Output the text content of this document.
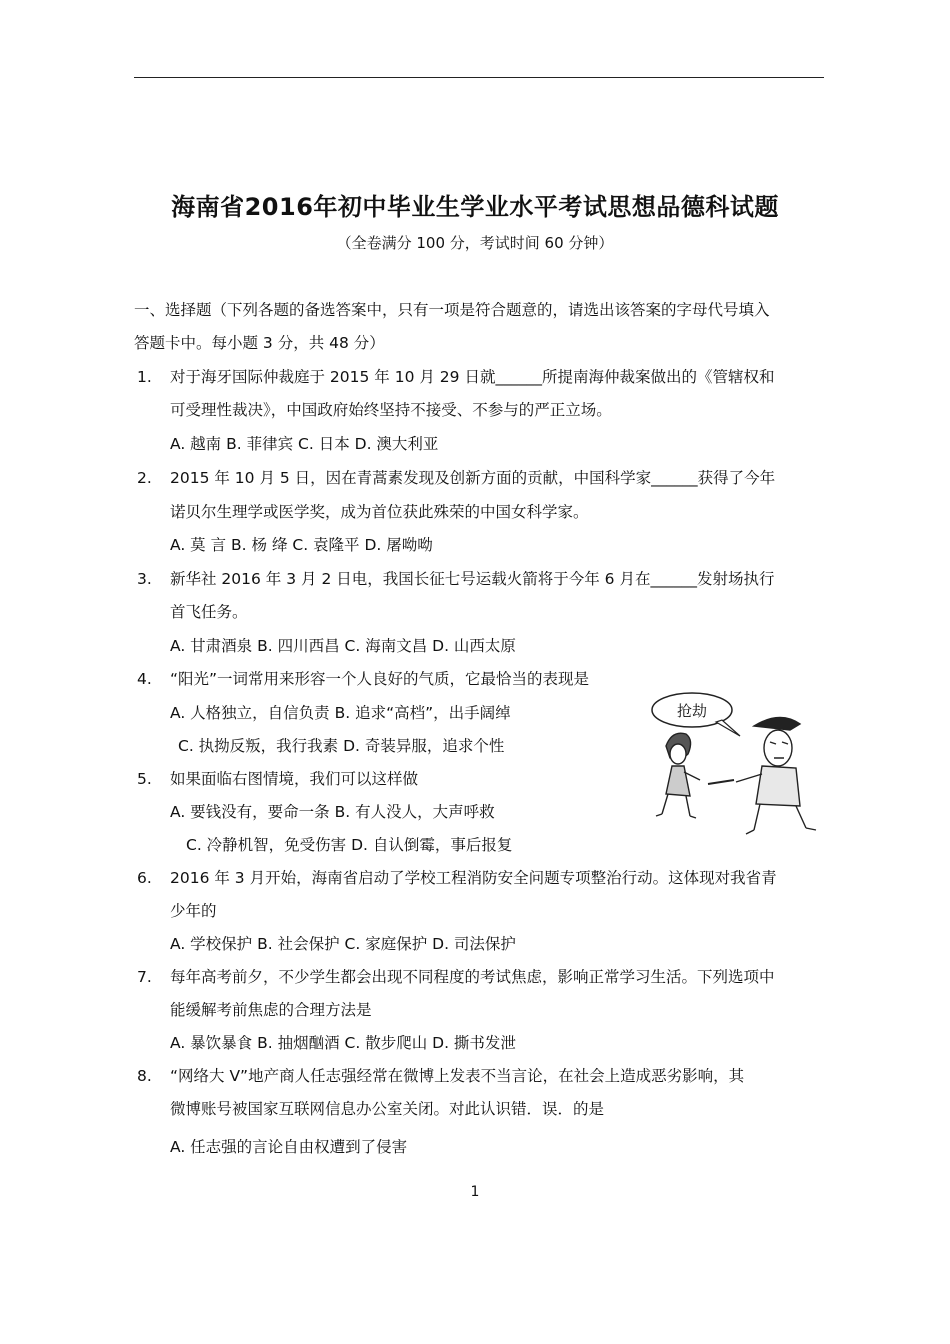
海南省2016年初中毕业生学业水平考试思想品德科试题
（全卷满分 100 分，考试时间 60 分钟）
一、选择题（下列各题的备选答案中，只有一项是符合题意的，请选出该答案的字母代号填入
答题卡中。每小题 3 分，共 48 分）
1. 对于海牙国际仲裁庭于 2015 年 10 月 29 日就______所提南海仲裁案做出的《管辖权和
可受理性裁决》，中国政府始终坚持不接受、不参与的严正立场。
A. 越南 B. 菲律宾 C. 日本 D. 澳大利亚
2. 2015 年 10 月 5 日，因在青蒿素发现及创新方面的贡献，中国科学家______获得了今年
诺贝尔生理学或医学奖，成为首位获此殊荣的中国女科学家。
A. 莫 言 B. 杨 绛 C. 袁隆平 D. 屠呦呦
3. 新华社 2016 年 3 月 2 日电，我国长征七号运载火箭将于今年 6 月在______发射场执行
首飞任务。
A. 甘肃酒泉 B. 四川西昌 C. 海南文昌 D. 山西太原
4. “阳光”一词常用来形容一个人良好的气质，它最恰当的表现是
A. 人格独立，自信负责 B. 追求“高档”，出手阔绰
C. 执拗反叛，我行我素 D. 奇装异服，追求个性
5. 如果面临右图情境，我们可以这样做
A. 要钱没有，要命一条 B. 有人没人，大声呼救
C. 冷静机智，免受伤害 D. 自认倒霉，事后报复
6. 2016 年 3 月开始，海南省启动了学校工程消防安全问题专项整治行动。这体现对我省青
少年的
A. 学校保护 B. 社会保护 C. 家庭保护 D. 司法保护
7. 每年高考前夕，不少学生都会出现不同程度的考试焦虑，影响正常学习生活。下列选项中
能缓解考前焦虑的合理方法是
A. 暴饮暴食 B. 抽烟酗酒 C. 散步爬山 D. 撕书发泄
8. “网络大 V”地产商人任志强经常在微博上发表不当言论，在社会上造成恶劣影响，其
微博账号被国家互联网信息办公室关闭。对此认识错．误．的是
A. 任志强的言论自由权遭到了侵害
抢劫
1
